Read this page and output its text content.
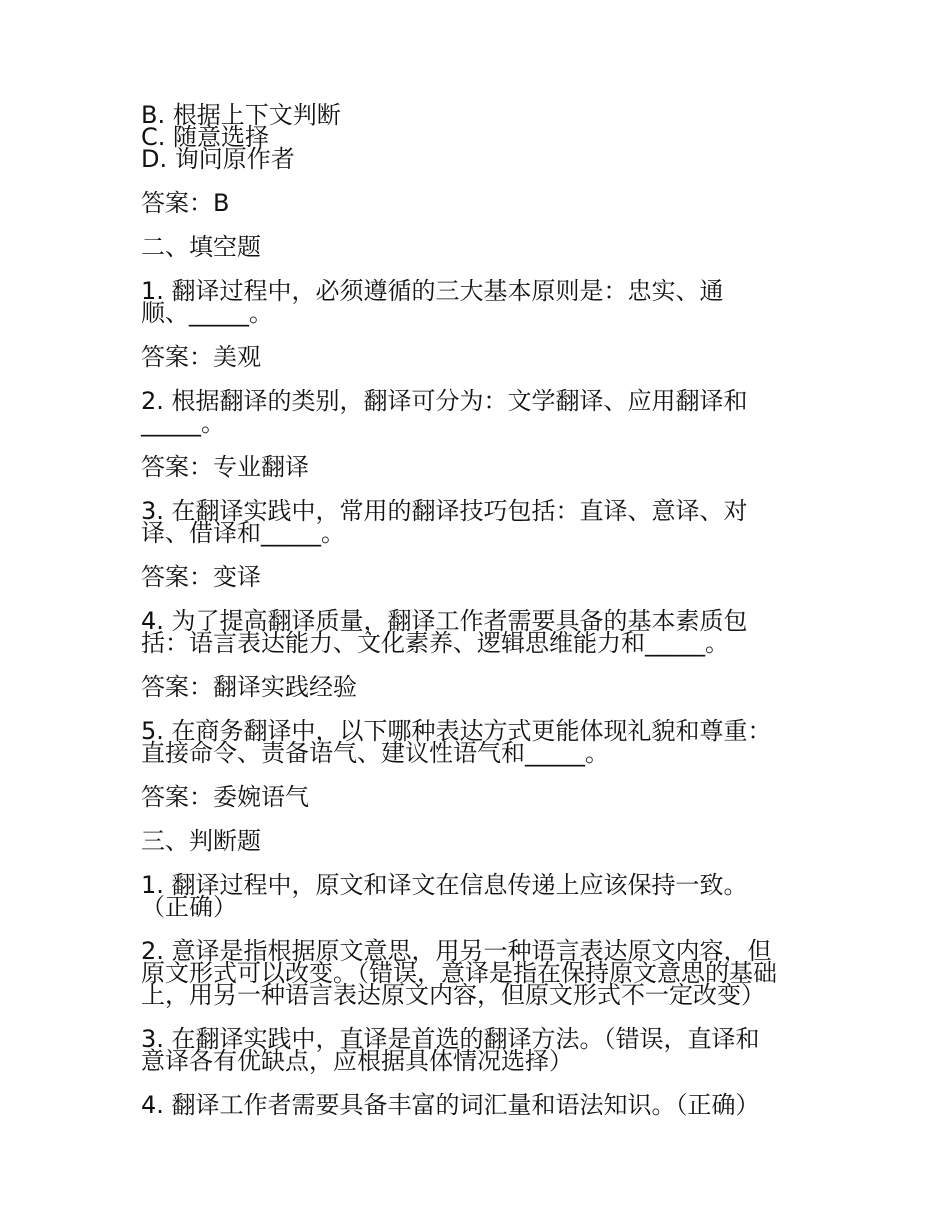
B. 根据上下文判断
C. 随意选择
D. 询问原作者
答案：B
二、填空题
1. 翻译过程中，必须遵循的三大基本原则是：忠实、通
顺、_____。
答案：美观
2. 根据翻译的类别，翻译可分为：文学翻译、应用翻译和
_____。
答案：专业翻译
3. 在翻译实践中，常用的翻译技巧包括：直译、意译、对
译、借译和_____。
答案：变译
4. 为了提高翻译质量，翻译工作者需要具备的基本素质包
括：语言表达能力、文化素养、逻辑思维能力和_____。
答案：翻译实践经验
5. 在商务翻译中，以下哪种表达方式更能体现礼貌和尊重：
直接命令、责备语气、建议性语气和_____。
答案：委婉语气
三、判断题
1. 翻译过程中，原文和译文在信息传递上应该保持一致。
（正确）
2. 意译是指根据原文意思，用另一种语言表达原文内容，但
原文形式可以改变。（错误，意译是指在保持原文意思的基础
上，用另一种语言表达原文内容，但原文形式不一定改变）
3. 在翻译实践中，直译是首选的翻译方法。（错误，直译和
意译各有优缺点，应根据具体情况选择）
4. 翻译工作者需要具备丰富的词汇量和语法知识。（正确）
